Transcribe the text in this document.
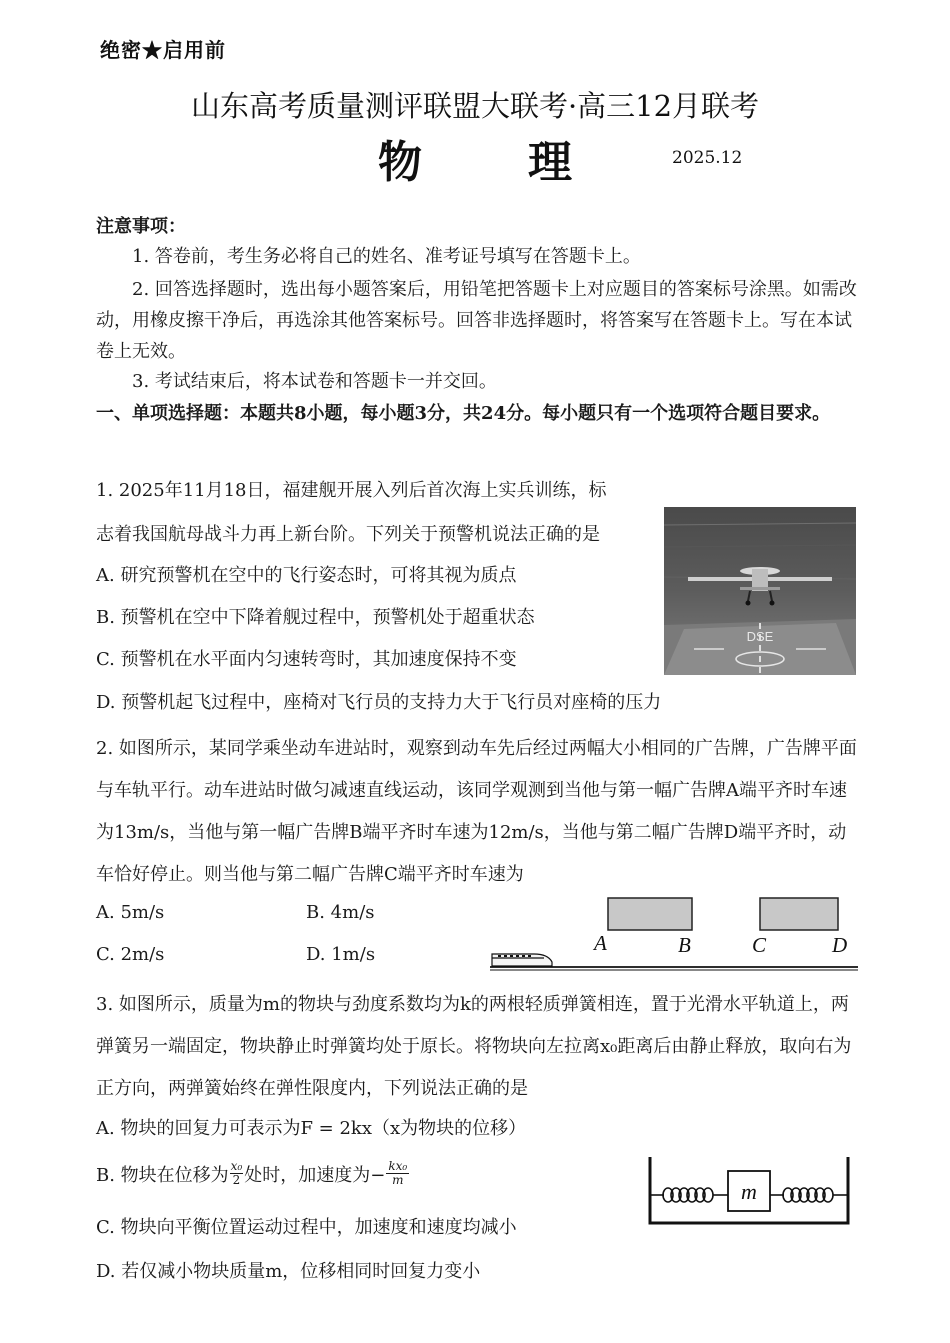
绝密★启用前
山东高考质量测评联盟大联考·高三12月联考
物　　理	2025.12
注意事项：
1. 答卷前，考生务必将自己的姓名、准考证号填写在答题卡上。
2. 回答选择题时，选出每小题答案后，用铅笔把答题卡上对应题目的答案标号涂黑。如需改动，用橡皮擦干净后，再选涂其他答案标号。回答非选择题时，将答案写在答题卡上。写在本试卷上无效。
3. 考试结束后，将本试卷和答题卡一并交回。
一、单项选择题：本题共8小题，每小题3分，共24分。每小题只有一个选项符合题目要求。
1. 2025年11月18日，福建舰开展入列后首次海上实兵训练，标
志着我国航母战斗力再上新台阶。下列关于预警机说法正确的是
A. 研究预警机在空中的飞行姿态时，可将其视为质点
B. 预警机在空中下降着舰过程中，预警机处于超重状态
C. 预警机在水平面内匀速转弯时，其加速度保持不变
D. 预警机起飞过程中，座椅对飞行员的支持力大于飞行员对座椅的压力
DSE
2. 如图所示，某同学乘坐动车进站时，观察到动车先后经过两幅大小相同的广告牌，广告牌平面与车轨平行。动车进站时做匀减速直线运动，该同学观测到当他与第一幅广告牌A端平齐时车速为13m/s，当他与第一幅广告牌B端平齐时车速为12m/s，当他与第二幅广告牌D端平齐时，动车恰好停止。则当他与第二幅广告牌C端平齐时车速为
A. 5m/s	B. 4m/s
C. 2m/s	D. 1m/s	A	B	C	D
3. 如图所示，质量为m的物块与劲度系数均为k的两根轻质弹簧相连，置于光滑水平轨道上，两弹簧另一端固定，物块静止时弹簧均处于原长。将物块向左拉离x₀距离后由静止释放，取向右为正方向，两弹簧始终在弹性限度内，下列说法正确的是
A. 物块的回复力可表示为F = 2kx（x为物块的位移）
B. 物块在位移为 x₀
2 处时，加速度为− $\frac{\text{kx₀}}{m}$
C. 物块向平衡位置运动过程中，加速度和速度均减小
D. 若仅减小物块质量m，位移相同时回复力变小
m
